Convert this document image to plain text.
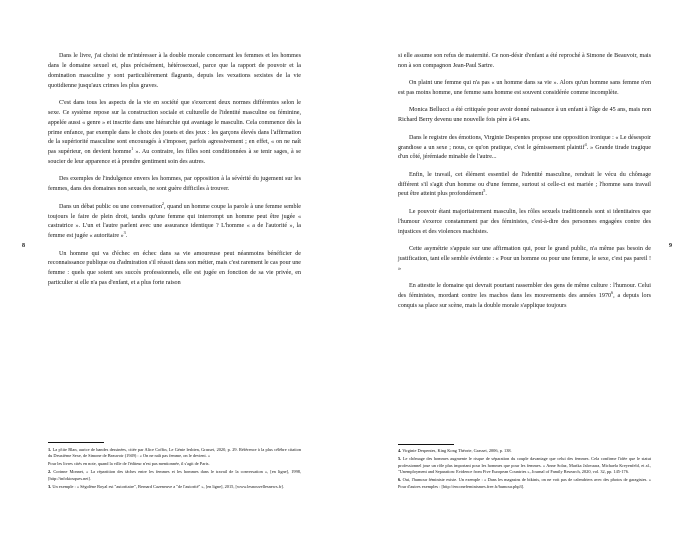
8	9

Dans le livre, j'ai choisi de m'intéresser à la double morale concernant les femmes et les hommes dans le domaine sexuel et, plus précisément, hétérosexuel, parce que la rapport de pouvoir et la domination masculine y sont particulièrement flagrants, depuis les vexations sexistes de la vie quotidienne jusqu'aux crimes les plus graves.

C'est dans tous les aspects de la vie en société que s'exercent deux normes différentes selon le sexe. Ce système repose sur la construction sociale et culturelle de l'identité masculine ou féminine, appelée aussi « genre » et inscrite dans une hiérarchie qui avantage le masculin. Cela commence dès la prime enfance, par exemple dans le choix des jouets et des jeux : les garçons élevés dans l'affirmation de la supériorité masculine sont encouragés à s'imposer, parfois agressivement ; en effet, « on ne naît pas supérieur, on devient homme$^1$ ». Au contraire, les filles sont conditionnées à se tenir sages, à se soucier de leur apparence et à prendre gentiment soin des autres.

Des exemples de l'indulgence envers les hommes, par opposition à la sévérité du jugement sur les femmes, dans des domaines non sexuels, ne sont guère difficiles à trouver.

Dans un débat public ou une conversation$^2$, quand un homme coupe la parole à une femme semble toujours le faire de plein droit, tandis qu'une femme qui interrompt un homme peut être jugée « castratrice ». L'un et l'autre parlent avec une assurance identique ? L'homme « a de l'autorité », la femme est jugée « autoritaire »$^3$.

Un homme qui va d'échec en échec dans sa vie amoureuse peut néanmoins bénéficier de reconnaissance publique ou d'admiration s'il réussit dans son métier, mais c'est rarement le cas pour une femme : quels que soient ses succès professionnels, elle est jugée en fonction de sa vie privée, en particulier si elle n'a pas d'enfant, et a plus forte raison

1. La p'tite Blan, aurice de bandes dessinées, citée par Alice Coffin, Le Génie lesbien, Grasset, 2020, p. 29. Référence à la plus célèbre citation du Deuxième Sexe, de Simone de Beauvoir (1949) : « On ne naît pas femme, on le devient. »

Pour les livres cités en note, quand la ville de l'éditeur n'est pas mentionnée, il s'agit de Paris.

2. Corinne Monnet, « La répartition des tâches entre les femmes et les hommes dans le travail de la conversation », [en ligne], 1998, [http://infokiosques.net].

3. Un exemple : « Ségolène Royal est "autoritaire", Bernard Cazeneuve a "de l'autorité" », [en ligne], 2015, [www.lesnouvellesnews.fr].

si elle assume son refus de maternité. Ce non-désir d'enfant a été reproché à Simone de Beauvoir, mais non à son compagnon Jean-Paul Sartre.

On plaint une femme qui n'a pas « un homme dans sa vie ». Alors qu'un homme sans femme n'en est pas moins homme, une femme sans homme est souvent considérée comme incomplète.

Monica Bellucci a été critiquée pour avoir donné naissance à un enfant à l'âge de 45 ans, mais non Richard Berry devenu une nouvelle fois père à 64 ans.

Dans le registre des émotions, Virginie Despentes propose une opposition ironique : « Le désespoir grandiose a un sexe ; nous, ce qu'on pratique, c'est le gémissement plaintif$^4$. » Grande tirade tragique d'un côté, jérémiade minable de l'autre...

Enfin, le travail, cet élément essentiel de l'identité masculine, rendrait le vécu du chômage différent s'il s'agit d'un homme ou d'une femme, surtout si celle-ci est mariée ; l'homme sans travail peut être atteint plus profondément$^5$.

Le pouvoir étant majoritairement masculin, les rôles sexuels traditionnels sont si identitaires que l'humour s'exerce constamment par des féministes, c'est-à-dire des personnes engagées contre des injustices et des violences machistes.

Cette asymétrie s'appuie sur une affirmation qui, pour le grand public, n'a même pas besoin de justification, tant elle semble évidente : « Pour un homme ou pour une femme, le sexe, c'est pas pareil ! »

En attestte le domaine qui devrait pourtant rassembler des gens de même culture : l'humour. Celui des féministes, mordant contre les machos dans les mouvements des années 1970$^6$, a depuis lors conquis sa place sur scène, mais la double morale s'applique toujours

4. Virginie Despentes, King Kong Théorie, Grasset, 2006, p. 138.

5. Le chômage des hommes augmente le risque de séparation du couple davantage que celui des femmes. Cela confirme l'idée que le statut professionnel joue un rôle plus important pour les hommes que pour les femmes. » Anne Solaz, Marika Jalovaara, Michaela Kreyenfeld, et al., "Unemployment and Separation: Evidence from Five European Countries », Journal of Family Research, 2020, vol. 32, pp. 145-176.

6. Oui, l'humour féministe existe. Un exemple : « Dans les magasins de bikinis, on ne voit pas de calendriers avec des photos de garagistes. » Pour d'autres exemples : [http://enconefeminismes.free.fr/humour.php3].
